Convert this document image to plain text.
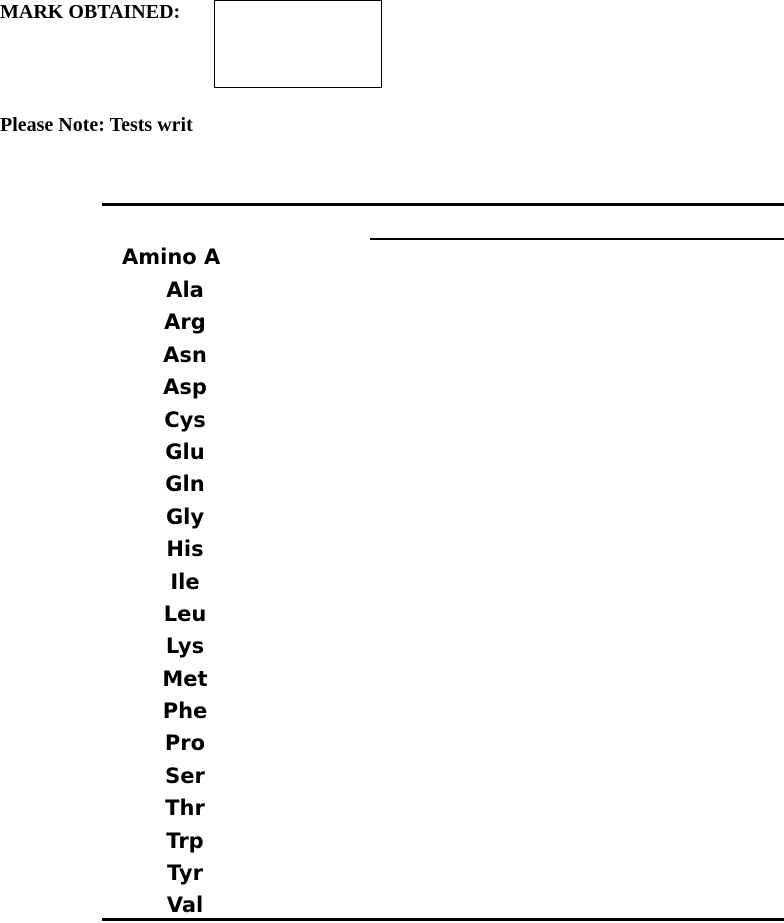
MARK OBTAINED:
Please Note: Tests writ
Amino A
Ala
Arg
Asn
Asp
Cys
Glu
Gln
Gly
His
Ile
Leu
Lys
Met
Phe
Pro
Ser
Thr
Trp
Tyr
Val
